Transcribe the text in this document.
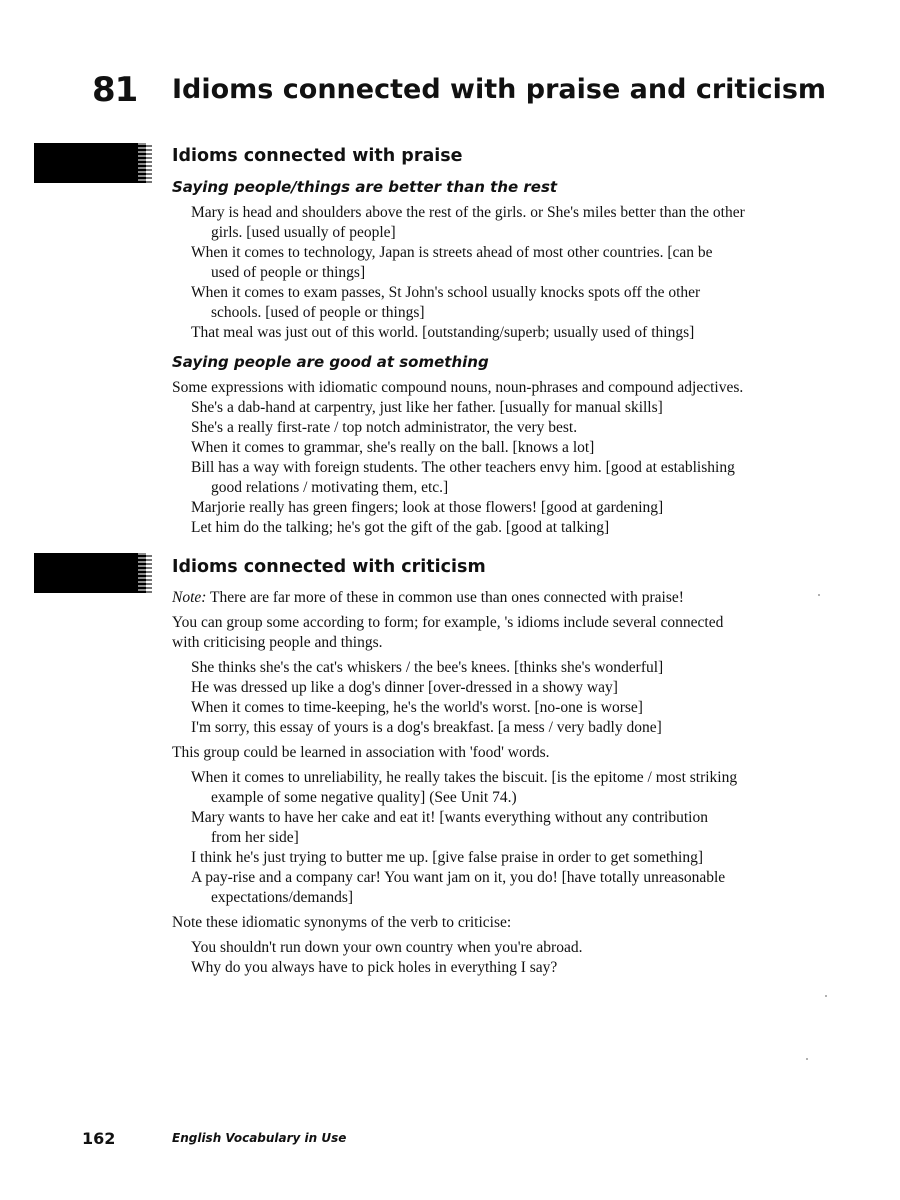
81 Idioms connected with praise and criticism
Idioms connected with praise
Saying people/things are better than the rest
Mary is head and shoulders above the rest of the girls. or She's miles better than the other
girls. [used usually of people]
When it comes to technology, Japan is streets ahead of most other countries. [can be
used of people or things]
When it comes to exam passes, St John's school usually knocks spots off the other
schools. [used of people or things]
That meal was just out of this world. [outstanding/superb; usually used of things]
Saying people are good at something
Some expressions with idiomatic compound nouns, noun-phrases and compound adjectives.
She's a dab-hand at carpentry, just like her father. [usually for manual skills]
She's a really first-rate / top notch administrator, the very best.
When it comes to grammar, she's really on the ball. [knows a lot]
Bill has a way with foreign students. The other teachers envy him. [good at establishing
good relations / motivating them, etc.]
Marjorie really has green fingers; look at those flowers! [good at gardening]
Let him do the talking; he's got the gift of the gab. [good at talking]
Idioms connected with criticism
Note: There are far more of these in common use than ones connected with praise!
You can group some according to form; for example, 's idioms include several connected
with criticising people and things.
She thinks she's the cat's whiskers / the bee's knees. [thinks she's wonderful]
He was dressed up like a dog's dinner [over-dressed in a showy way]
When it comes to time-keeping, he's the world's worst. [no-one is worse]
I'm sorry, this essay of yours is a dog's breakfast. [a mess / very badly done]
This group could be learned in association with 'food' words.
When it comes to unreliability, he really takes the biscuit. [is the epitome / most striking
example of some negative quality] (See Unit 74.)
Mary wants to have her cake and eat it! [wants everything without any contribution
from her side]
I think he's just trying to butter me up. [give false praise in order to get something]
A pay-rise and a company car! You want jam on it, you do! [have totally unreasonable
expectations/demands]
Note these idiomatic synonyms of the verb to criticise:
You shouldn't run down your own country when you're abroad.
Why do you always have to pick holes in everything I say?
162	English Vocabulary in Use
